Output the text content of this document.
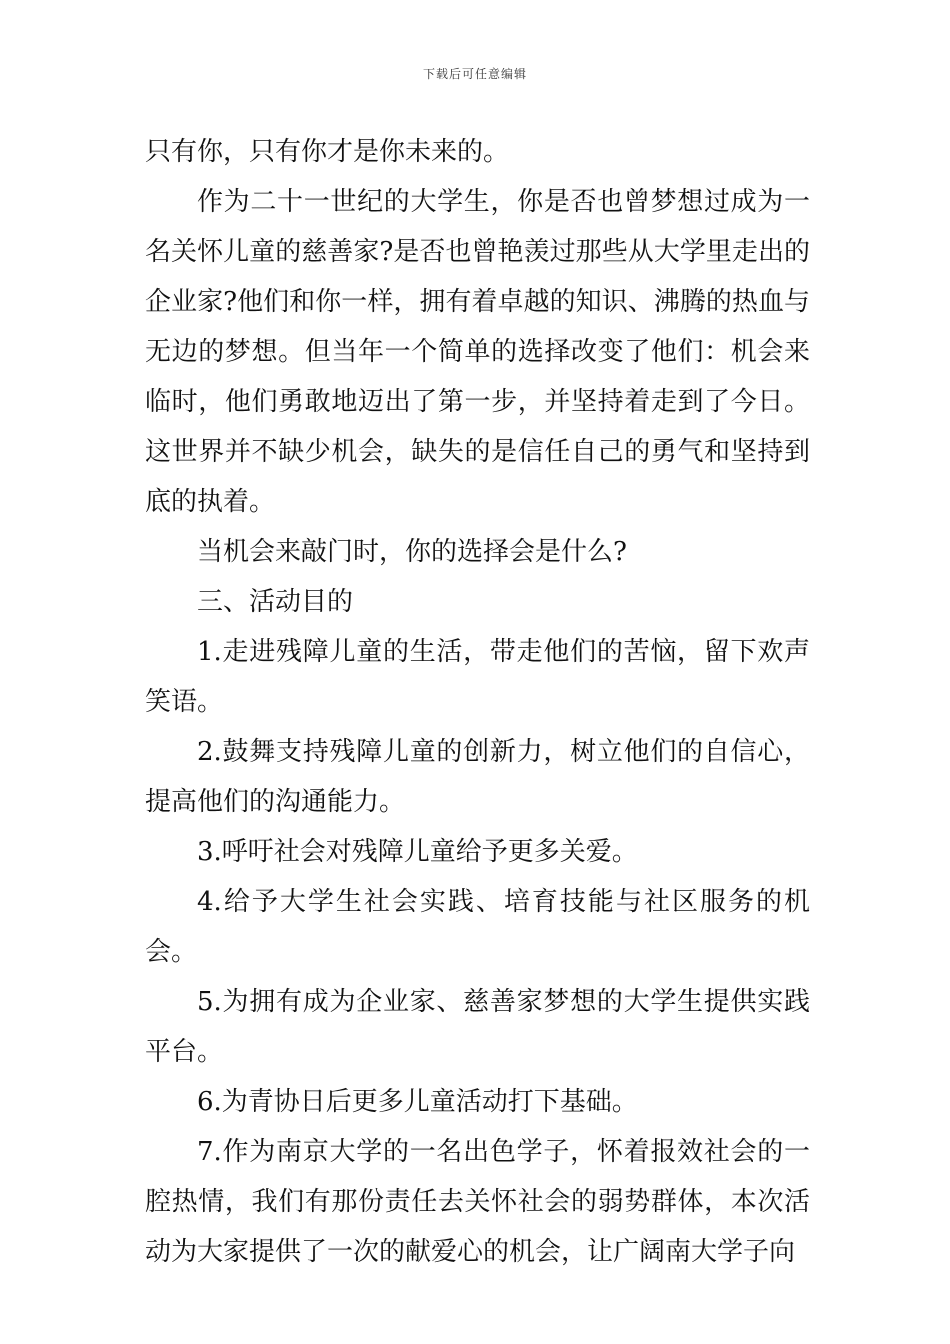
下载后可任意编辑

只有你，只有你才是你未来的。

作为二十一世纪的大学生，你是否也曾梦想过成为一名关怀儿童的慈善家?是否也曾艳羡过那些从大学里走出的企业家?他们和你一样，拥有着卓越的知识、沸腾的热血与无边的梦想。但当年一个简单的选择改变了他们：机会来临时，他们勇敢地迈出了第一步，并坚持着走到了今日。这世界并不缺少机会，缺失的是信任自己的勇气和坚持到底的执着。

当机会来敲门时，你的选择会是什么?

三、活动目的

1.走进残障儿童的生活，带走他们的苦恼，留下欢声笑语。

2.鼓舞支持残障儿童的创新力，树立他们的自信心，提高他们的沟通能力。

3.呼吁社会对残障儿童给予更多关爱。

4.给予大学生社会实践、培育技能与社区服务的机会。

5.为拥有成为企业家、慈善家梦想的大学生提供实践平台。

6.为青协日后更多儿童活动打下基础。

7.作为南京大学的一名出色学子，怀着报效社会的一腔热情，我们有那份责任去关怀社会的弱势群体，本次活动为大家提供了一次的献爱心的机会，让广阔南大学子向
